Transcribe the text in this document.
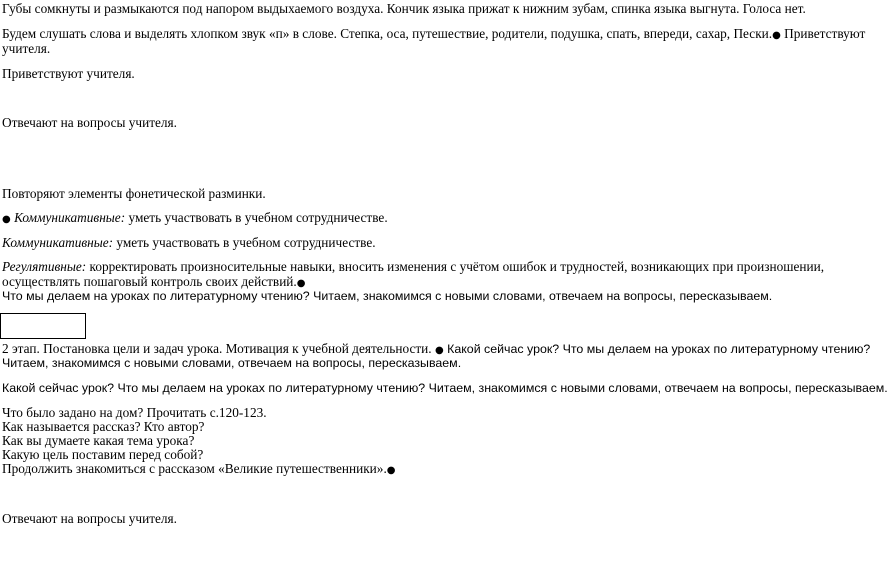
Губы сомкнуты и размыкаются под напором выдыхаемого воздуха. Кончик языка прижат к нижним зубам, спинка языка выгнута. Голоса нет.
Будем слушать слова и выделять хлопком звук «п» в слове. Степка, оса, путешествие, родители, подушка, спать, впереди, сахар, Пески.● Приветствуют
учителя.
Приветствуют учителя.
Отвечают на вопросы учителя.
Повторяют элементы фонетической разминки.
● Коммуникативные: уметь участвовать в учебном сотрудничестве.
Коммуникативные: уметь участвовать в учебном сотрудничестве.
Регулятивные: корректировать произносительные навыки, вносить изменения с учётом ошибок и трудностей, возникающих при произношении,
осуществлять пошаговый контроль своих действий.●
Что мы делаем на уроках по литературному чтению? Читаем, знакомимся с новыми словами, отвечаем на вопросы, пересказываем.
2 этап. Постановка цели и задач урока. Мотивация к учебной деятельности. ● Какой сейчас урок? Что мы делаем на уроках по литературному чтению?
Читаем, знакомимся с новыми словами, отвечаем на вопросы, пересказываем.
Какой сейчас урок? Что мы делаем на уроках по литературному чтению? Читаем, знакомимся с новыми словами, отвечаем на вопросы, пересказываем.
Что было задано на дом? Прочитать с.120-123.
Как называется рассказ? Кто автор?
Как вы думаете какая тема урока?
Какую цель поставим перед собой?
Продолжить знакомиться с рассказом «Великие путешественники».●
Отвечают на вопросы учителя.
